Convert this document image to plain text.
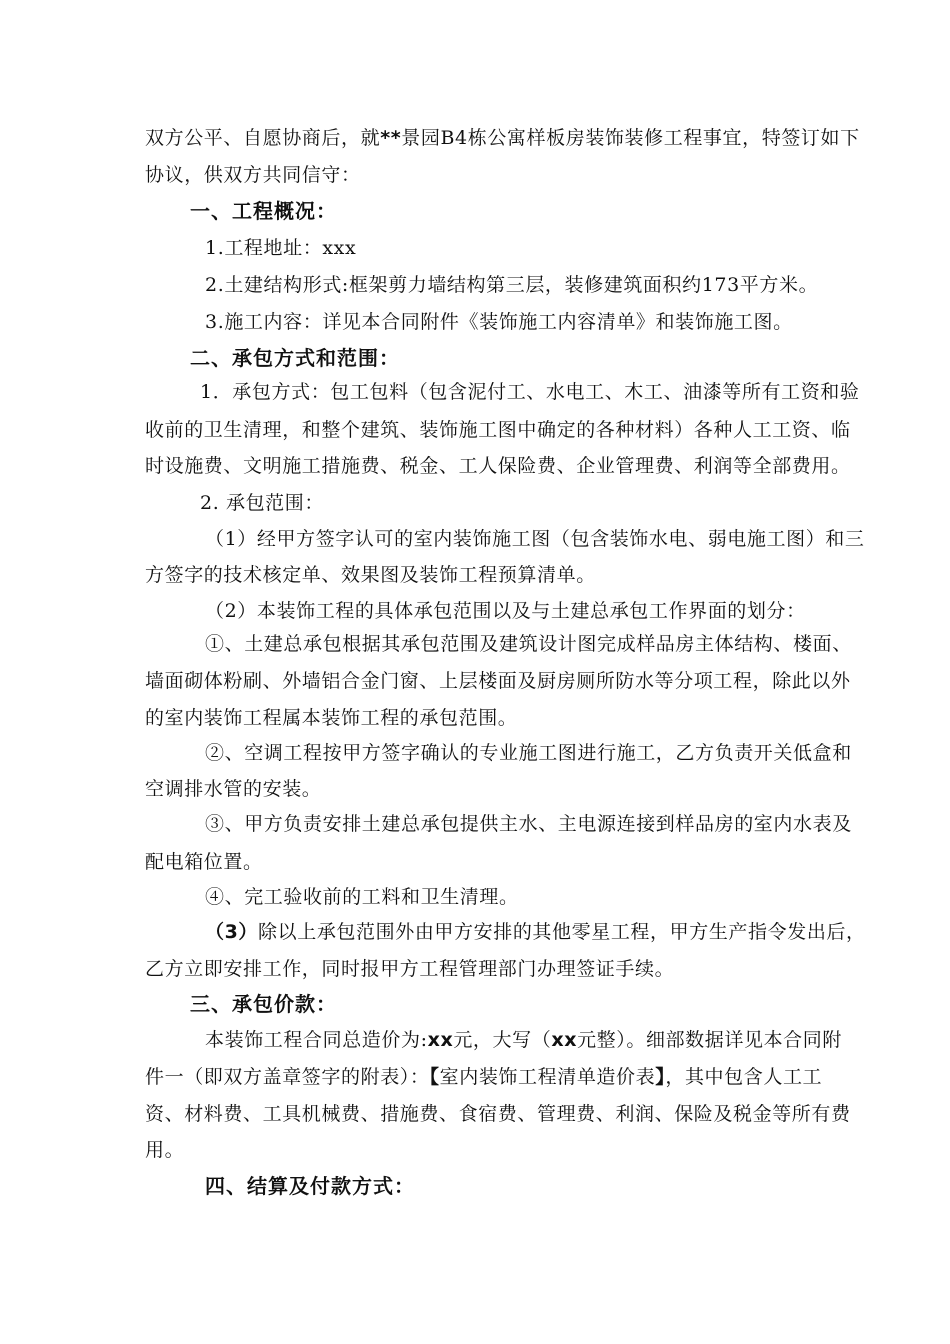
双方公平、自愿协商后，就**景园B4栋公寓样板房装饰装修工程事宜，特签订如下
协议，供双方共同信守：
一、工程概况：
1.工程地址：xxx
2.土建结构形式:框架剪力墙结构第三层，装修建筑面积约173平方米。
3.施工内容：详见本合同附件《装饰施工内容清单》和装饰施工图。
二、承包方式和范围：
1．承包方式：包工包料（包含泥付工、水电工、木工、油漆等所有工资和验
收前的卫生清理，和整个建筑、装饰施工图中确定的各种材料）各种人工工资、临
时设施费、文明施工措施费、税金、工人保险费、企业管理费、利润等全部费用。
2. 承包范围：
（1）经甲方签字认可的室内装饰施工图（包含装饰水电、弱电施工图）和三
方签字的技术核定单、效果图及装饰工程预算清单。
（2）本装饰工程的具体承包范围以及与土建总承包工作界面的划分：
①、土建总承包根据其承包范围及建筑设计图完成样品房主体结构、楼面、
墙面砌体粉刷、外墙铝合金门窗、上层楼面及厨房厕所防水等分项工程，除此以外
的室内装饰工程属本装饰工程的承包范围。
②、空调工程按甲方签字确认的专业施工图进行施工，乙方负责开关低盒和
空调排水管的安装。
③、甲方负责安排土建总承包提供主水、主电源连接到样品房的室内水表及
配电箱位置。
④、完工验收前的工料和卫生清理。
（3）除以上承包范围外由甲方安排的其他零星工程，甲方生产指令发出后，
乙方立即安排工作，同时报甲方工程管理部门办理签证手续。
三、承包价款：
本装饰工程合同总造价为:xx元，大写（xx元整）。细部数据详见本合同附
件一（即双方盖章签字的附表）：【室内装饰工程清单造价表】，其中包含人工工
资、材料费、工具机械费、措施费、食宿费、管理费、利润、保险及税金等所有费
用。
四、结算及付款方式：
